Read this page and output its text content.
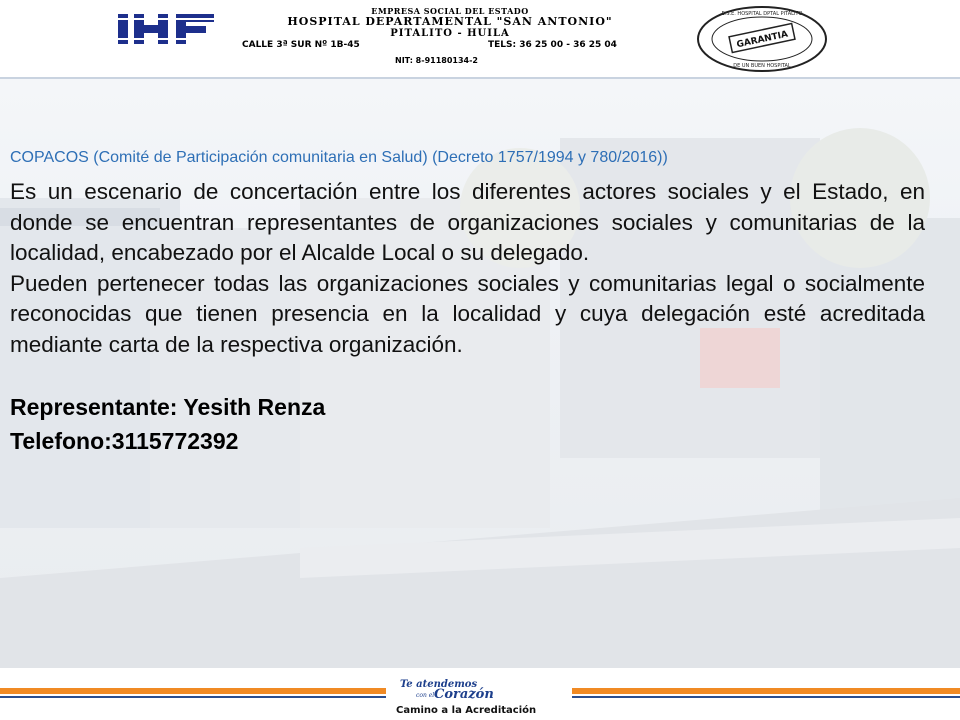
EMPRESA SOCIAL DEL ESTADO
HOSPITAL DEPARTAMENTAL "SAN ANTONIO"
PITALITO - HUILA
CALLE 3ª SUR Nº 1B-45	TELS: 36 25 00 - 36 25 04
NIT: 8-91180134-2
GARANTIA
E.S.E. HOSPITAL DPTAL PITALITO
DE UN BUEN HOSPITAL

COPACOS (Comité de Participación comunitaria en Salud) (Decreto 1757/1994 y 780/2016))

Es un escenario de concertación entre los diferentes actores sociales y el Estado, en donde se encuentran representantes de organizaciones sociales y comunitarias de la localidad, encabezado por el Alcalde Local o su delegado.

Pueden pertenecer todas las organizaciones sociales y comunitarias legal o socialmente reconocidas que tienen presencia en la localidad y cuya delegación esté acreditada mediante carta de la respectiva organización.

Representante: Yesith Renza

Telefono:3115772392

Te atendemos
con el Corazón
Camino a la Acreditación
